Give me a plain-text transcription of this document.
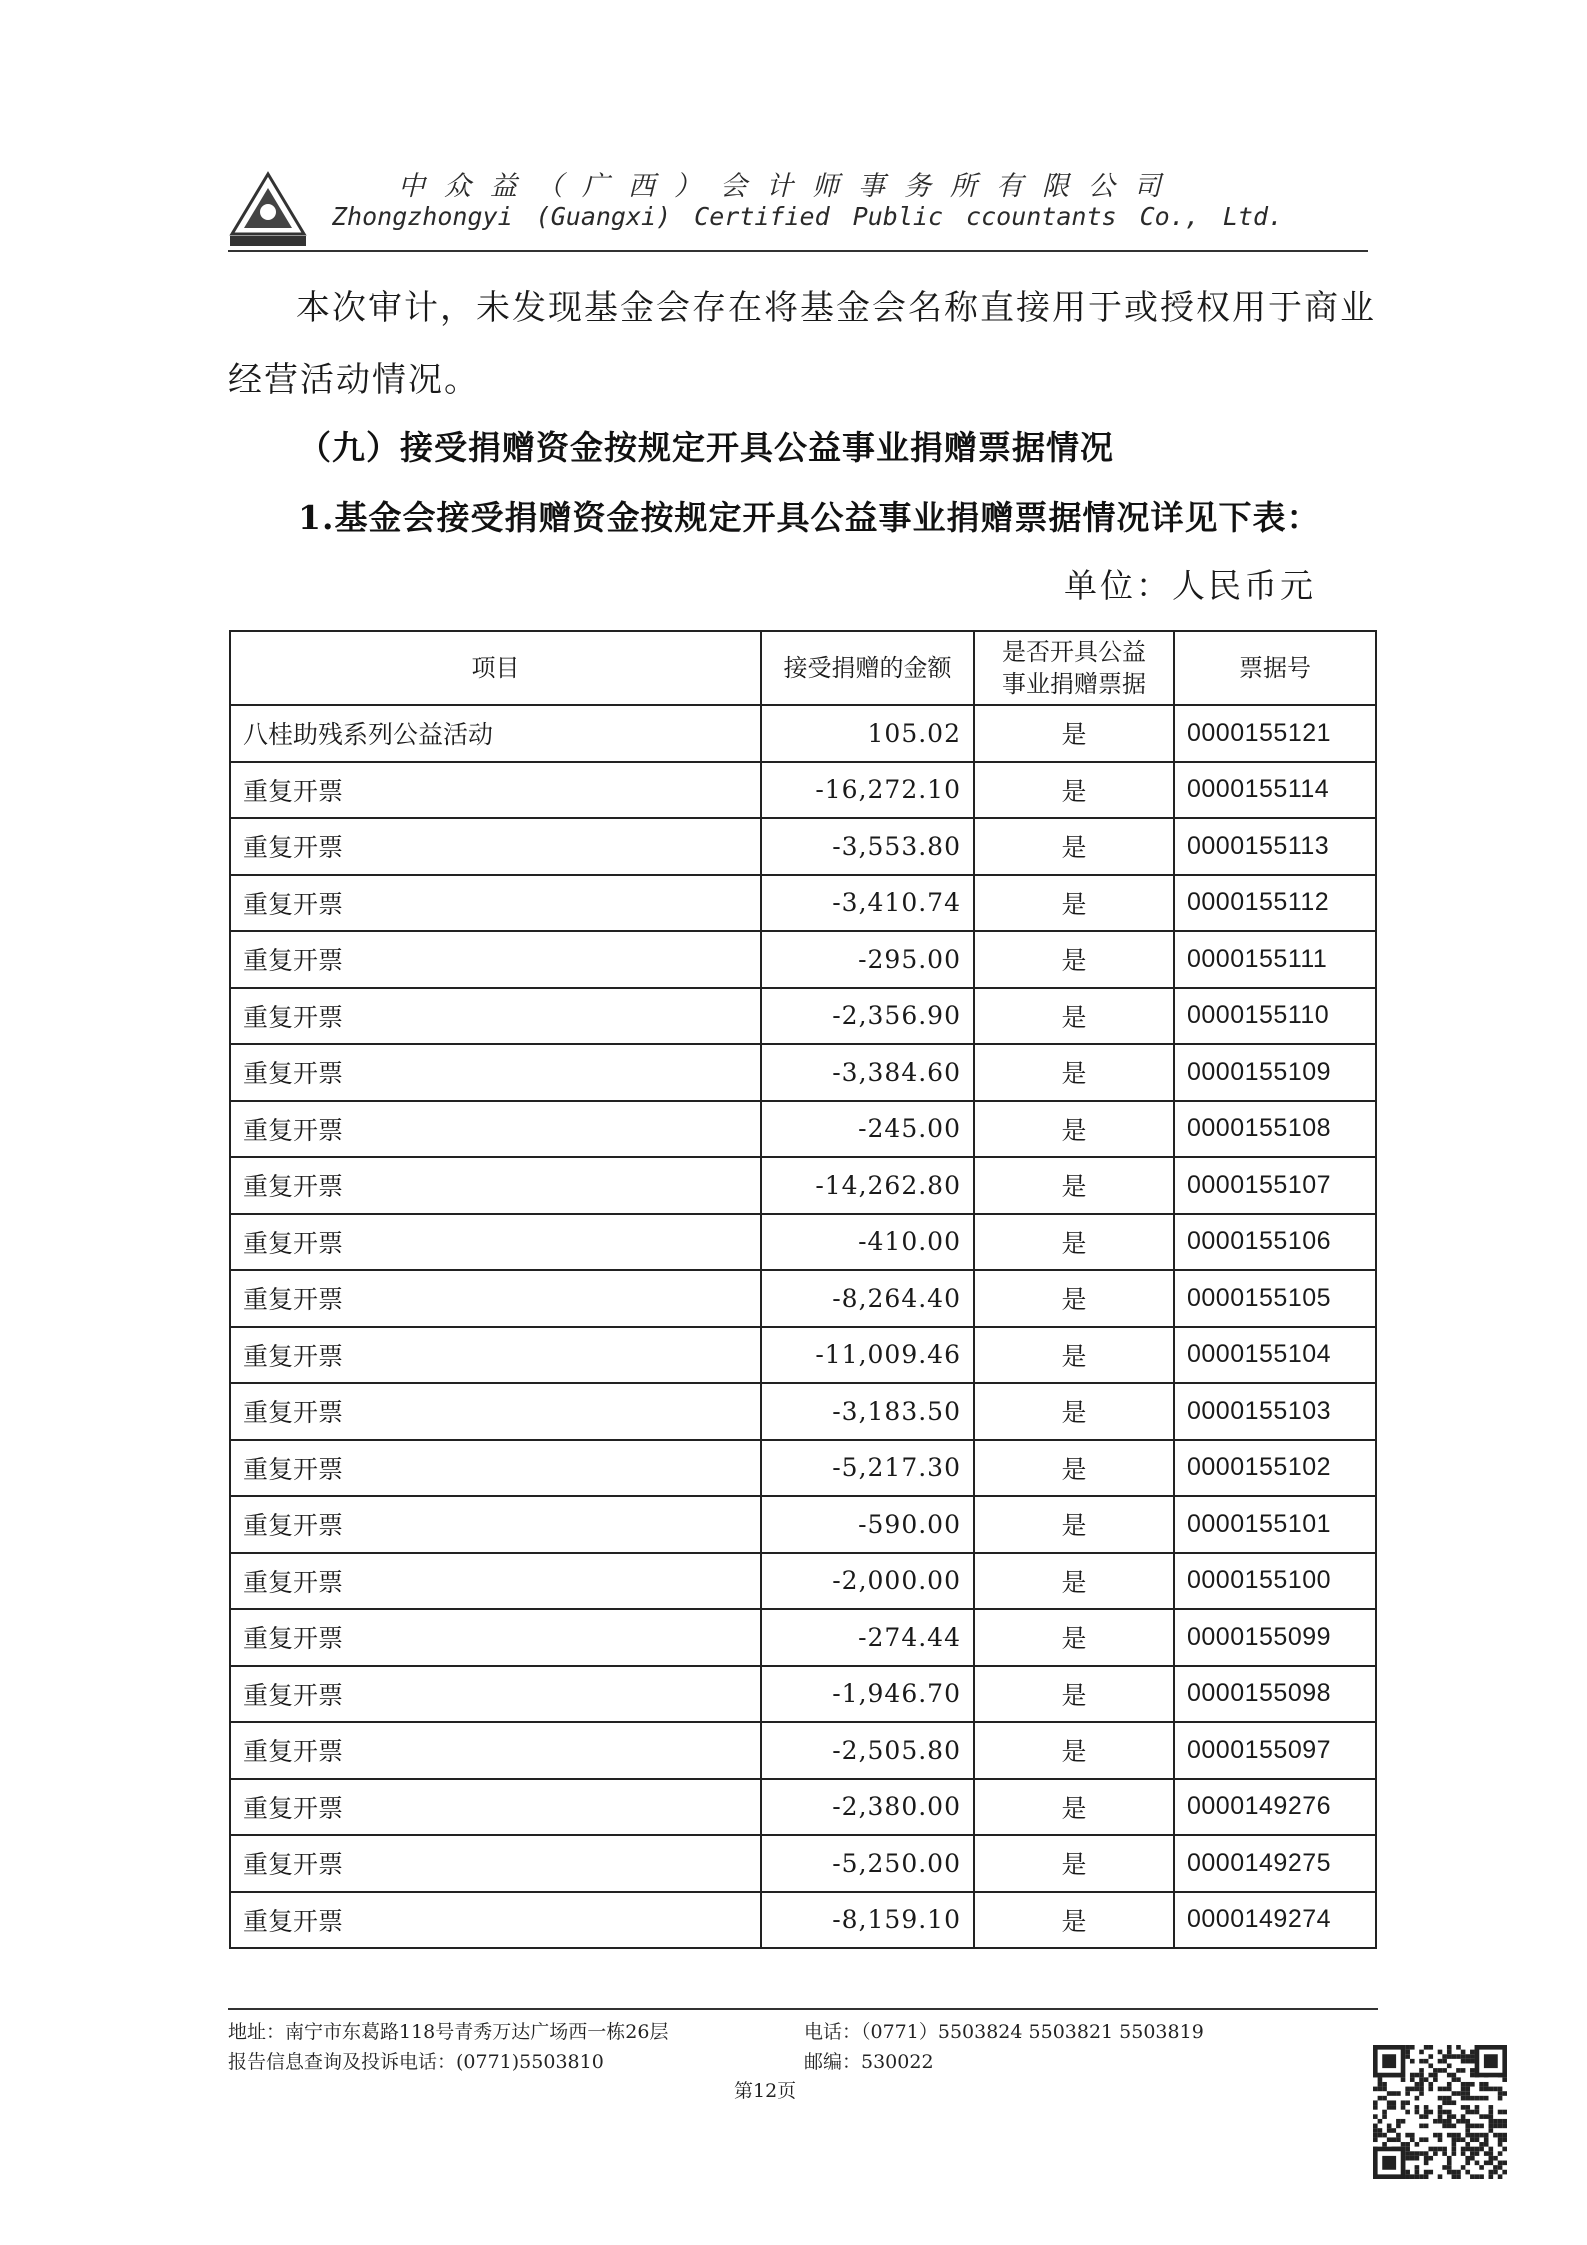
中众益（广西）会计师事务所有限公司
Zhongzhongyi (Guangxi) Certified Public ccountants Co., Ltd.
本次审计，未发现基金会存在将基金会名称直接用于或授权用于商业经营活动情况。
（九）接受捐赠资金按规定开具公益事业捐赠票据情况
1.基金会接受捐赠资金按规定开具公益事业捐赠票据情况详见下表：
单位：人民币元
项目	接受捐赠的金额	是否开具公益事业捐赠票据	票据号
八桂助残系列公益活动	105.02	是	0000155121
重复开票	-16,272.10	是	0000155114
重复开票	-3,553.80	是	0000155113
重复开票	-3,410.74	是	0000155112
重复开票	-295.00	是	0000155111
重复开票	-2,356.90	是	0000155110
重复开票	-3,384.60	是	0000155109
重复开票	-245.00	是	0000155108
重复开票	-14,262.80	是	0000155107
重复开票	-410.00	是	0000155106
重复开票	-8,264.40	是	0000155105
重复开票	-11,009.46	是	0000155104
重复开票	-3,183.50	是	0000155103
重复开票	-5,217.30	是	0000155102
重复开票	-590.00	是	0000155101
重复开票	-2,000.00	是	0000155100
重复开票	-274.44	是	0000155099
重复开票	-1,946.70	是	0000155098
重复开票	-2,505.80	是	0000155097
重复开票	-2,380.00	是	0000149276
重复开票	-5,250.00	是	0000149275
重复开票	-8,159.10	是	0000149274
地址：南宁市东葛路118号青秀万达广场西一栋26层	电话：（0771）5503824 5503821 5503819
报告信息查询及投诉电话：(0771)5503810	邮编：530022
第12页
